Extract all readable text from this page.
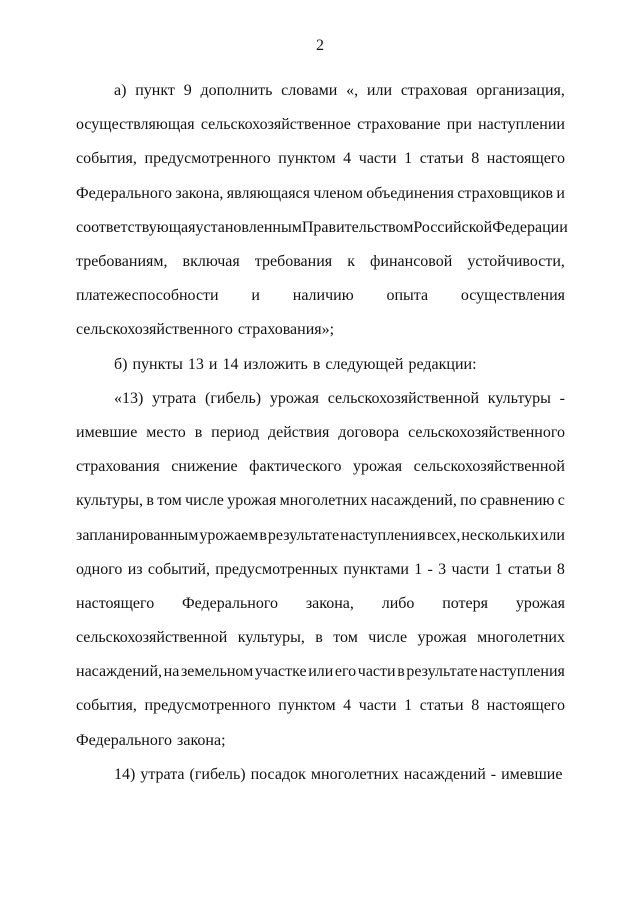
2
а) пункт 9 дополнить словами «, или страховая организация,
осуществляющая сельскохозяйственное страхование при наступлении
события, предусмотренного пунктом 4 части 1 статьи 8 настоящего
Федерального закона, являющаяся членом объединения страховщиков и
соответствующая установленным Правительством Российской Федерации
требованиям, включая требования к финансовой устойчивости,
платежеспособности и наличию опыта осуществления
сельскохозяйственного страхования»;
б) пункты 13 и 14 изложить в следующей редакции:
«13) утрата (гибель) урожая сельскохозяйственной культуры -
имевшие место в период действия договора сельскохозяйственного
страхования снижение фактического урожая сельскохозяйственной
культуры, в том числе урожая многолетних насаждений, по сравнению с
запланированным урожаем в результате наступления всех, нескольких или
одного из событий, предусмотренных пунктами 1 - 3 части 1 статьи 8
настоящего Федерального закона, либо потеря урожая
сельскохозяйственной культуры, в том числе урожая многолетних
насаждений, на земельном участке или его части в результате наступления
события, предусмотренного пунктом 4 части 1 статьи 8 настоящего
Федерального закона;
14) утрата (гибель) посадок многолетних насаждений - имевшие
